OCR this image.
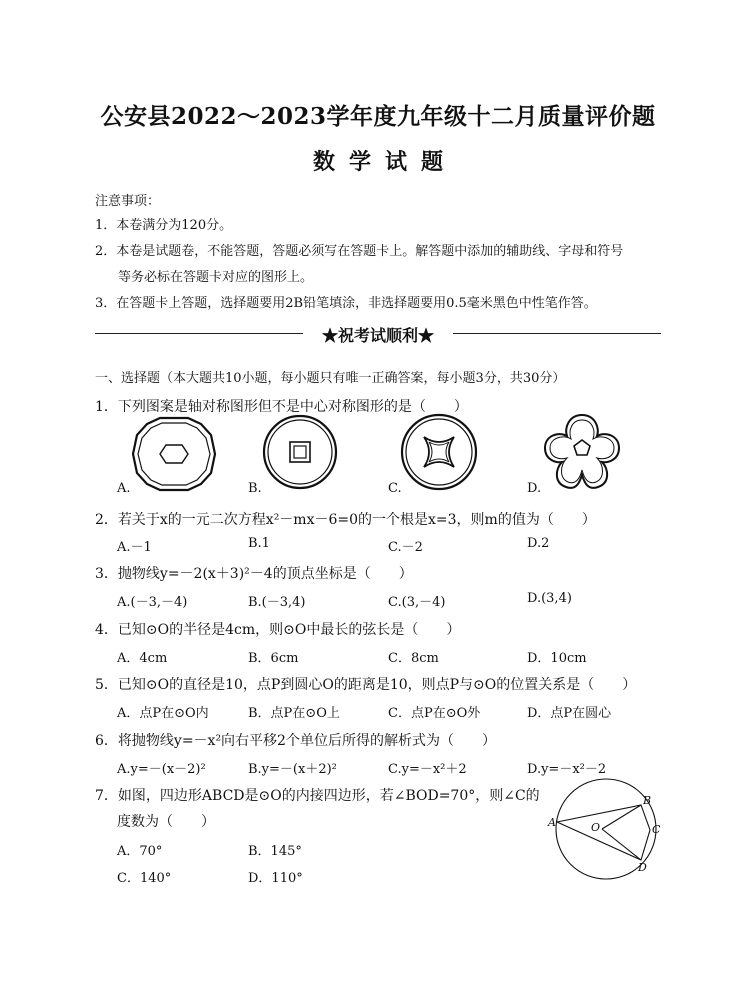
公安县2022～2023学年度九年级十二月质量评价题
数学试题
注意事项：
1．本卷满分为120分。
2．本卷是试题卷，不能答题，答题必须写在答题卡上。解答题中添加的辅助线、字母和符号
等务必标在答题卡对应的图形上。
3．在答题卡上答题，选择题要用2B铅笔填涂，非选择题要用0.5毫米黑色中性笔作答。
★祝考试顺利★
一、选择题（本大题共10小题，每小题只有唯一正确答案，每小题3分，共30分）
1．下列图案是轴对称图形但不是中心对称图形的是（　　）
A.	B.	C.	D.
2．若关于x的一元二次方程x²－mx－6=0的一个根是x=3，则m的值为（　　）
A.－1	B.1	C.－2	D.2
3．抛物线y=－2(x＋3)²－4的顶点坐标是（　　）
A.(－3,－4)	B.(－3,4)	C.(3,－4)	D.(3,4)
4．已知⊙O的半径是4cm，则⊙O中最长的弦长是（　　）
A．4cm	B．6cm	C．8cm	D．10cm
5．已知⊙O的直径是10，点P到圆心O的距离是10，则点P与⊙O的位置关系是（　　）
A．点P在⊙O内	B．点P在⊙O上	C．点P在⊙O外	D．点P在圆心
6．将抛物线y=－x²向右平移2个单位后所得的解析式为（　　）
A.y=－(x－2)²	B.y=－(x＋2)²	C.y=－x²＋2	D.y=－x²－2
7．如图，四边形ABCD是⊙O的内接四边形，若∠BOD=70°，则∠C的
度数为（　　）
A．70°	B．145°
C．140°	D．110°
A
B
O	C
D
